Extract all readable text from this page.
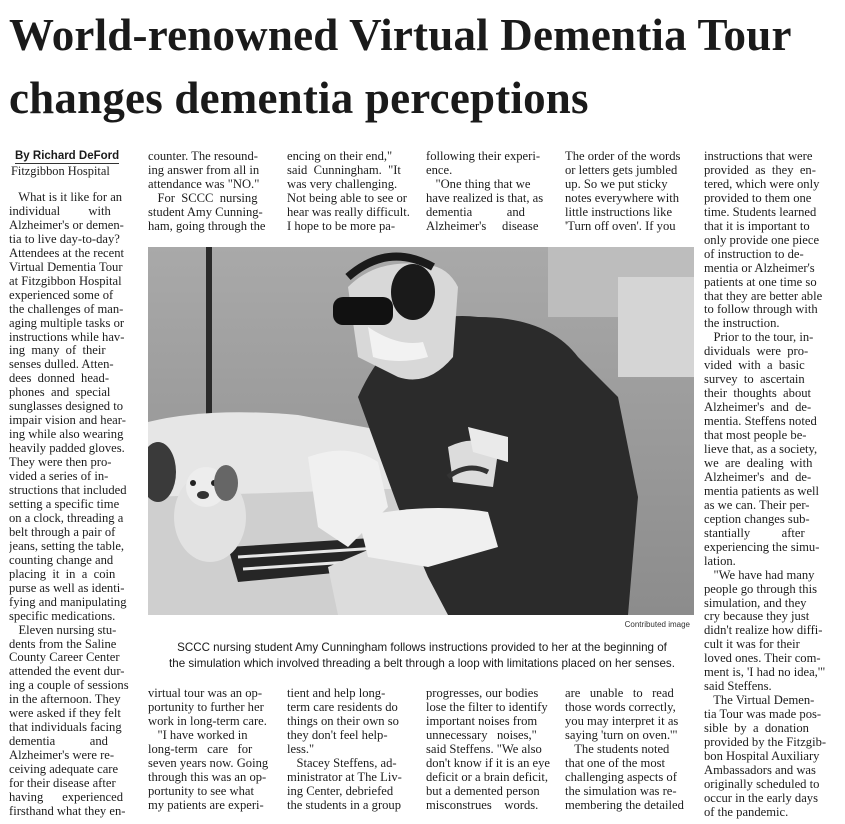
World-renowned Virtual Dementia Tour
changes dementia perceptions
By Richard DeFord
Fitzgibbon Hospital
What is it like for an
individual         with
Alzheimer's or demen-
tia to live day-to-day?
Attendees at the recent
Virtual Dementia Tour
at Fitzgibbon Hospital
experienced some of
the challenges of man-
aging multiple tasks or
instructions while hav-
ing  many  of  their
senses dulled. Atten-
dees  donned  head-
phones  and  special
sunglasses designed to
impair vision and hear-
ing while also wearing
heavily padded gloves.
They were then pro-
vided a series of in-
structions that included
setting a specific time
on a clock, threading a
belt through a pair of
jeans, setting the table,
counting change and
placing  it  in  a  coin
purse as well as identi-
fying and manipulating
specific medications.
Eleven nursing stu-
dents from the Saline
County Career Center
attended the event dur-
ing a couple of sessions
in the afternoon. They
were asked if they felt
that individuals facing
dementia           and
Alzheimer's were re-
ceiving adequate care
for their disease after
having      experienced
firsthand what they en-
counter. The resound-
ing answer from all in
attendance was "NO."
For  SCCC  nursing
student Amy Cunning-
ham, going through the
encing on their end,"
said  Cunningham.  "It
was very challenging.
Not being able to see or
hear was really difficult.
I hope to be more pa-
following their experi-
ence.
"One thing that we
have realized is that, as
dementia           and
Alzheimer's     disease
The order of the words
or letters gets jumbled
up. So we put sticky
notes everywhere with
little instructions like
'Turn off oven'. If you
instructions that were
provided  as  they  en-
tered, which were only
provided to them one
time. Students learned
that it is important to
only provide one piece
of instruction to de-
mentia or Alzheimer's
patients at one time so
that they are better able
to follow through with
the instruction.
Prior to the tour, in-
dividuals  were  pro-
vided  with  a  basic
survey  to  ascertain
their  thoughts  about
Alzheimer's  and  de-
mentia. Steffens noted
that most people be-
lieve that, as a society,
we  are  dealing  with
Alzheimer's  and  de-
mentia patients as well
as we can. Their per-
ception changes sub-
stantially          after
experiencing the simu-
lation.
"We have had many
people go through this
simulation, and they
cry because they just
didn't realize how diffi-
cult it was for their
loved ones. Their com-
ment is, 'I had no idea,'"
said Steffens.
The Virtual Demen-
tia Tour was made pos-
sible  by  a  donation
provided by the Fitzgib-
bon Hospital Auxiliary
Ambassadors and was
originally scheduled to
occur in the early days
of the pandemic.
Contributed image
SCCC nursing student Amy Cunningham follows instructions provided to her at the beginning of
the simulation which involved threading a belt through a loop with limitations placed on her senses.
virtual tour was an op-
portunity to further her
work in long-term care.
"I have worked in
long-term   care   for
seven years now. Going
through this was an op-
portunity to see what
my patients are experi-
tient and help long-
term care residents do
things on their own so
they don't feel help-
less."
Stacey Steffens, ad-
ministrator at The Liv-
ing Center, debriefed
the students in a group
progresses, our bodies
lose the filter to identify
important noises from
unnecessary   noises,"
said Steffens. "We also
don't know if it is an eye
deficit or a brain deficit,
but a demented person
misconstrues    words.
are   unable   to   read
those words correctly,
you may interpret it as
saying 'turn on oven.'"
The students noted
that one of the most
challenging aspects of
the simulation was re-
membering the detailed
